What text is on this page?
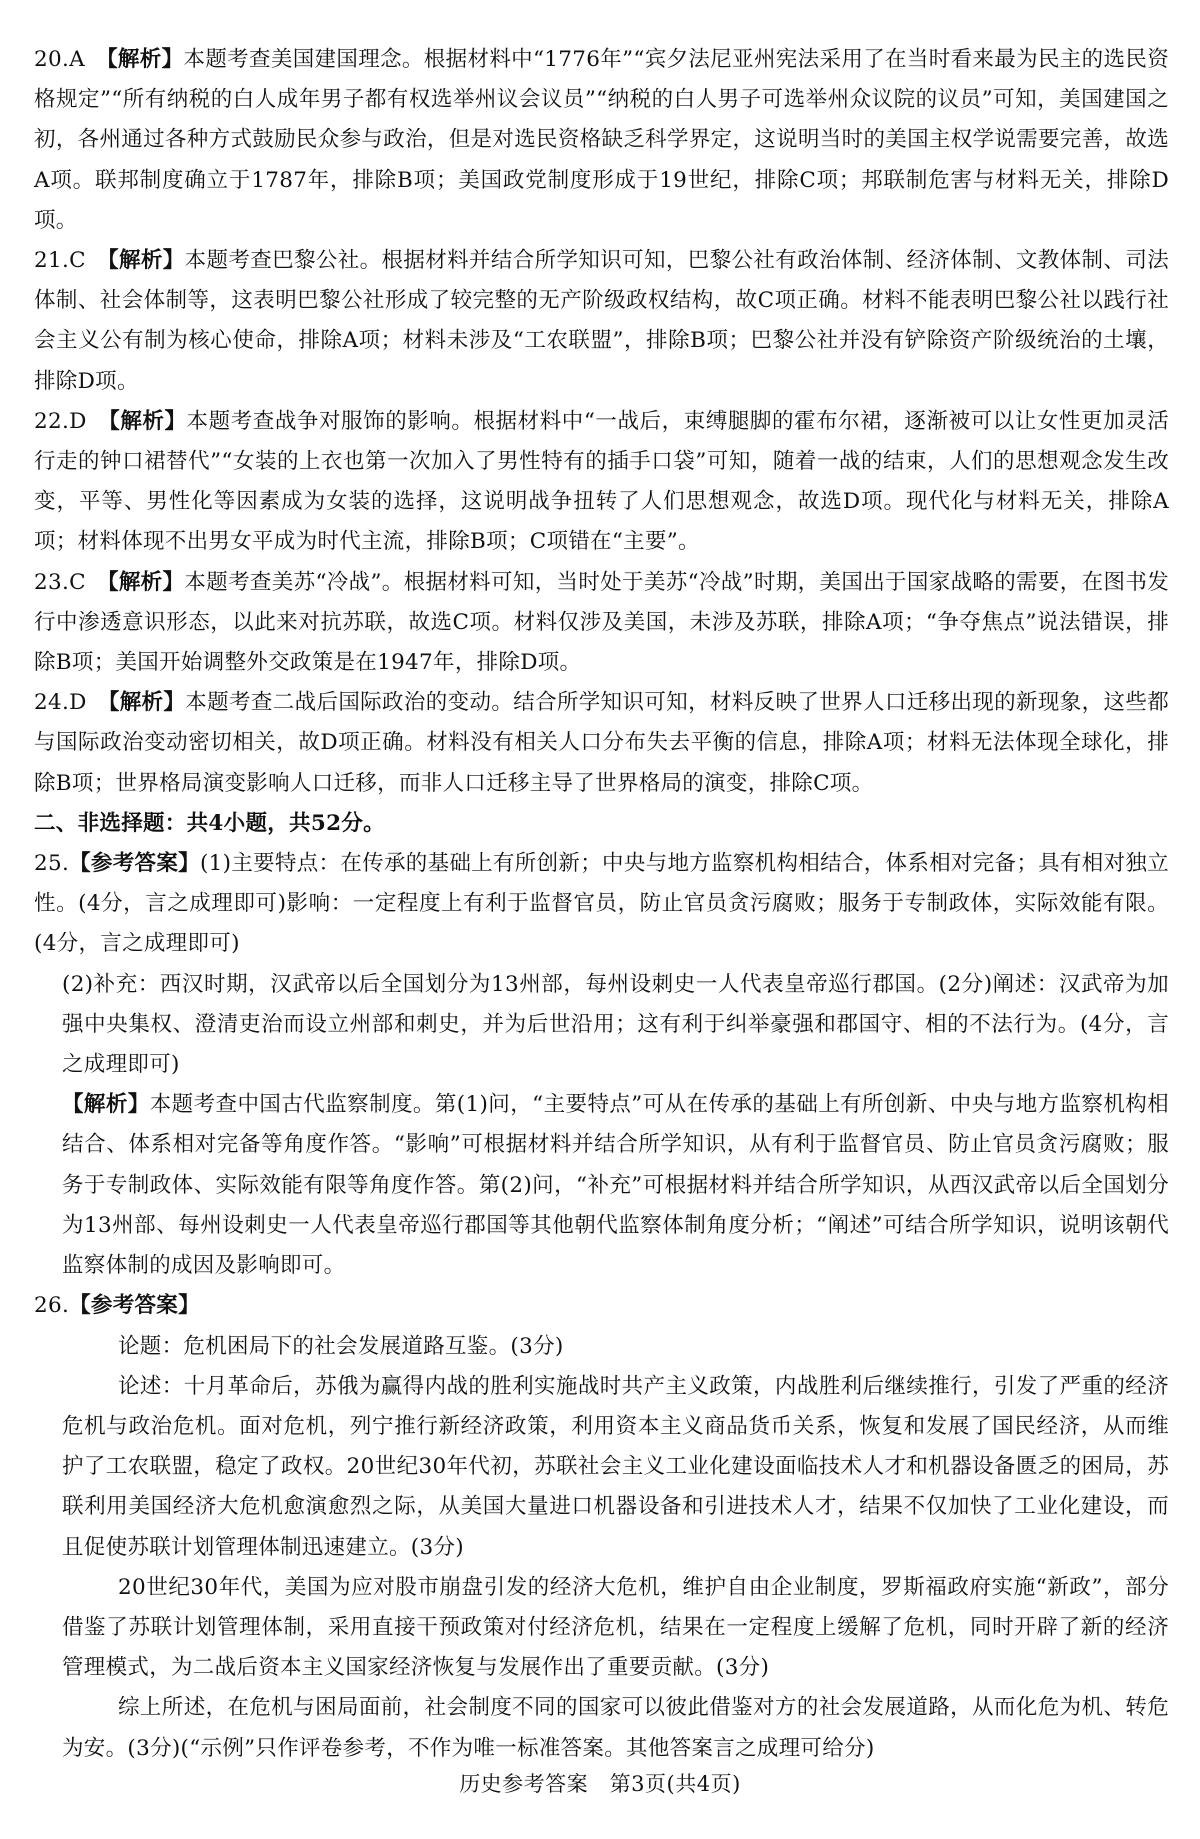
20.A　 【解析】本题考查美国建国理念。根据材料中“1776年”“宾夕法尼亚州宪法采用了在当时看来最为民主的选民资格规定”“所有纳税的白人成年男子都有权选举州议会议员”“纳税的白人男子可选举州众议院的议员”可知，美国建国之初，各州通过各种方式鼓励民众参与政治，但是对选民资格缺乏科学界定，这说明当时的美国主权学说需要完善，故选A项。联邦制度确立于1787年，排除B项；美国政党制度形成于19世纪，排除C项；邦联制危害与材料无关，排除D项。

21.C　 【解析】本题考查巴黎公社。根据材料并结合所学知识可知，巴黎公社有政治体制、经济体制、文教体制、司法体制、社会体制等，这表明巴黎公社形成了较完整的无产阶级政权结构，故C项正确。材料不能表明巴黎公社以践行社会主义公有制为核心使命，排除A项；材料未涉及“工农联盟”，排除B项；巴黎公社并没有铲除资产阶级统治的土壤，排除D项。

22.D　 【解析】本题考查战争对服饰的影响。根据材料中“一战后，束缚腿脚的霍布尔裙，逐渐被可以让女性更加灵活行走的钟口裙替代”“女装的上衣也第一次加入了男性特有的插手口袋”可知，随着一战的结束，人们的思想观念发生改变，平等、男性化等因素成为女装的选择，这说明战争扭转了人们思想观念，故选D项。现代化与材料无关，排除A项；材料体现不出男女平成为时代主流，排除B项；C项错在“主要”。

23.C　 【解析】本题考查美苏“冷战”。根据材料可知，当时处于美苏“冷战”时期，美国出于国家战略的需要，在图书发行中渗透意识形态，以此来对抗苏联，故选C项。材料仅涉及美国，未涉及苏联，排除A项；“争夺焦点”说法错误，排除B项；美国开始调整外交政策是在1947年，排除D项。

24.D　 【解析】本题考查二战后国际政治的变动。结合所学知识可知，材料反映了世界人口迁移出现的新现象，这些都与国际政治变动密切相关，故D项正确。材料没有相关人口分布失去平衡的信息，排除A项；材料无法体现全球化，排除B项；世界格局演变影响人口迁移，而非人口迁移主导了世界格局的演变，排除C项。

二、非选择题：共4小题，共52分。

25.【参考答案】(1)主要特点：在传承的基础上有所创新；中央与地方监察机构相结合，体系相对完备；具有相对独立性。(4分，言之成理即可)影响：一定程度上有利于监督官员，防止官员贪污腐败；服务于专制政体，实际效能有限。(4分，言之成理即可)

(2)补充：西汉时期，汉武帝以后全国划分为13州部，每州设刺史一人代表皇帝巡行郡国。(2分)阐述：汉武帝为加强中央集权、澄清吏治而设立州部和刺史，并为后世沿用；这有利于纠举豪强和郡国守、相的不法行为。(4分，言之成理即可)

【解析】本题考查中国古代监察制度。第(1)问，“主要特点”可从在传承的基础上有所创新、中央与地方监察机构相结合、体系相对完备等角度作答。“影响”可根据材料并结合所学知识，从有利于监督官员、防止官员贪污腐败；服务于专制政体、实际效能有限等角度作答。第(2)问，“补充”可根据材料并结合所学知识，从西汉武帝以后全国划分为13州部、每州设刺史一人代表皇帝巡行郡国等其他朝代监察体制角度分析；“阐述”可结合所学知识，说明该朝代监察体制的成因及影响即可。

26.【参考答案】

论题：危机困局下的社会发展道路互鉴。(3分)

论述：十月革命后，苏俄为赢得内战的胜利实施战时共产主义政策，内战胜利后继续推行，引发了严重的经济危机与政治危机。面对危机，列宁推行新经济政策，利用资本主义商品货币关系，恢复和发展了国民经济，从而维护了工农联盟，稳定了政权。20世纪30年代初，苏联社会主义工业化建设面临技术人才和机器设备匮乏的困局，苏联利用美国经济大危机愈演愈烈之际，从美国大量进口机器设备和引进技术人才，结果不仅加快了工业化建设，而且促使苏联计划管理体制迅速建立。(3分)

20世纪30年代，美国为应对股市崩盘引发的经济大危机，维护自由企业制度，罗斯福政府实施“新政”，部分借鉴了苏联计划管理体制，采用直接干预政策对付经济危机，结果在一定程度上缓解了危机，同时开辟了新的经济管理模式，为二战后资本主义国家经济恢复与发展作出了重要贡献。(3分)

综上所述，在危机与困局面前，社会制度不同的国家可以彼此借鉴对方的社会发展道路，从而化危为机、转危为安。(3分)(“示例”只作评卷参考，不作为唯一标准答案。其他答案言之成理可给分)

历史参考答案　第3页(共4页)
